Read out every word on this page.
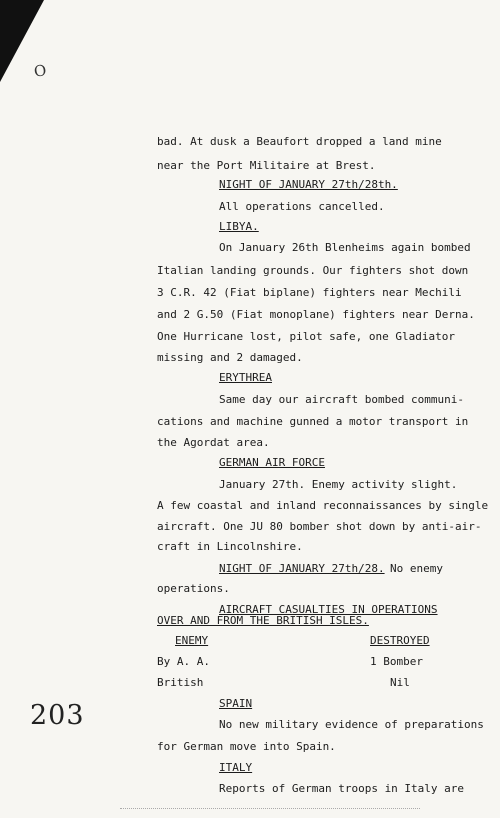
O
203
bad. At dusk a Beaufort dropped a land mine
near the Port Militaire at Brest.
NIGHT OF JANUARY 27th/28th.
All operations cancelled.
LIBYA.
On January 26th Blenheims again bombed
Italian landing grounds. Our fighters shot down
3 C.R. 42 (Fiat biplane) fighters near Mechili
and 2 G.50 (Fiat monoplane) fighters near Derna.
One Hurricane lost, pilot safe, one Gladiator
missing and 2 damaged.
ERYTHREA
Same day our aircraft bombed communi-
cations and machine gunned a motor transport in
the Agordat area.
GERMAN AIR FORCE
January 27th. Enemy activity slight.
A few coastal and inland reconnaissances by single
aircraft. One JU 80 bomber shot down by anti-air-
craft in Lincolnshire.
NIGHT OF JANUARY 27th/28. No enemy
operations.
AIRCRAFT CASUALTIES IN OPERATIONS
OVER AND FROM THE BRITISH ISLES.
ENEMY	DESTROYED
By A. A.	1 Bomber
British	Nil
SPAIN
No new military evidence of preparations
for German move into Spain.
ITALY
Reports of German troops in Italy are
